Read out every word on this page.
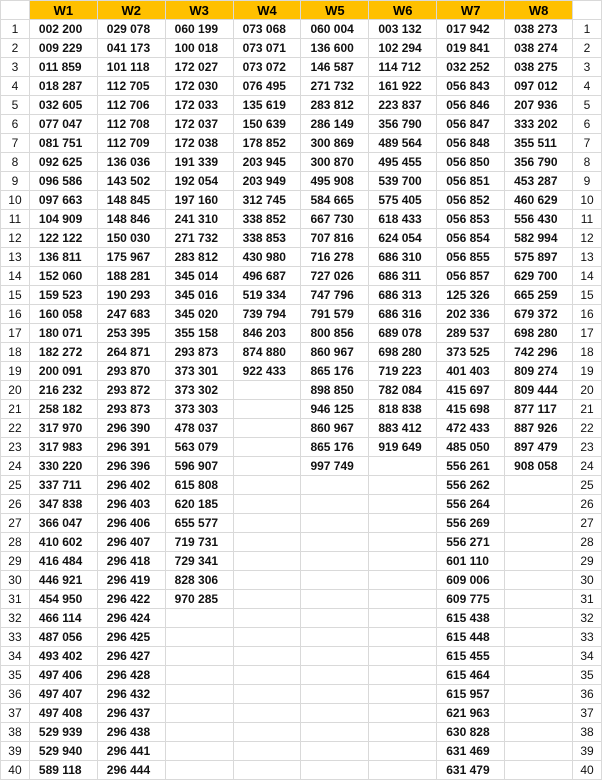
	W1	W2	W3	W4	W5	W6	W7	W8	
1	002 200	029 078	060 199	073 068	060 004	003 132	017 942	038 273	1
2	009 229	041 173	100 018	073 071	136 600	102 294	019 841	038 274	2
3	011 859	101 118	172 027	073 072	146 587	114 712	032 252	038 275	3
4	018 287	112 705	172 030	076 495	271 732	161 922	056 843	097 012	4
5	032 605	112 706	172 033	135 619	283 812	223 837	056 846	207 936	5
6	077 047	112 708	172 037	150 639	286 149	356 790	056 847	333 202	6
7	081 751	112 709	172 038	178 852	300 869	489 564	056 848	355 511	7
8	092 625	136 036	191 339	203 945	300 870	495 455	056 850	356 790	8
9	096 586	143 502	192 054	203 949	495 908	539 700	056 851	453 287	9
10	097 663	148 845	197 160	312 745	584 665	575 405	056 852	460 629	10
11	104 909	148 846	241 310	338 852	667 730	618 433	056 853	556 430	11
12	122 122	150 030	271 732	338 853	707 816	624 054	056 854	582 994	12
13	136 811	175 967	283 812	430 980	716 278	686 310	056 855	575 897	13
14	152 060	188 281	345 014	496 687	727 026	686 311	056 857	629 700	14
15	159 523	190 293	345 016	519 334	747 796	686 313	125 326	665 259	15
16	160 058	247 683	345 020	739 794	791 579	686 316	202 336	679 372	16
17	180 071	253 395	355 158	846 203	800 856	689 078	289 537	698 280	17
18	182 272	264 871	293 873	874 880	860 967	698 280	373 525	742 296	18
19	200 091	293 870	373 301	922 433	865 176	719 223	401 403	809 274	19
20	216 232	293 872	373 302		898 850	782 084	415 697	809 444	20
21	258 182	293 873	373 303		946 125	818 838	415 698	877 117	21
22	317 970	296 390	478 037		860 967	883 412	472 433	887 926	22
23	317 983	296 391	563 079		865 176	919 649	485 050	897 479	23
24	330 220	296 396	596 907		997 749		556 261	908 058	24
25	337 711	296 402	615 808				556 262		25
26	347 838	296 403	620 185				556 264		26
27	366 047	296 406	655 577				556 269		27
28	410 602	296 407	719 731				556 271		28
29	416 484	296 418	729 341				601 110		29
30	446 921	296 419	828 306				609 006		30
31	454 950	296 422	970 285				609 775		31
32	466 114	296 424					615 438		32
33	487 056	296 425					615 448		33
34	493 402	296 427					615 455		34
35	497 406	296 428					615 464		35
36	497 407	296 432					615 957		36
37	497 408	296 437					621 963		37
38	529 939	296 438					630 828		38
39	529 940	296 441					631 469		39
40	589 118	296 444					631 479		40
